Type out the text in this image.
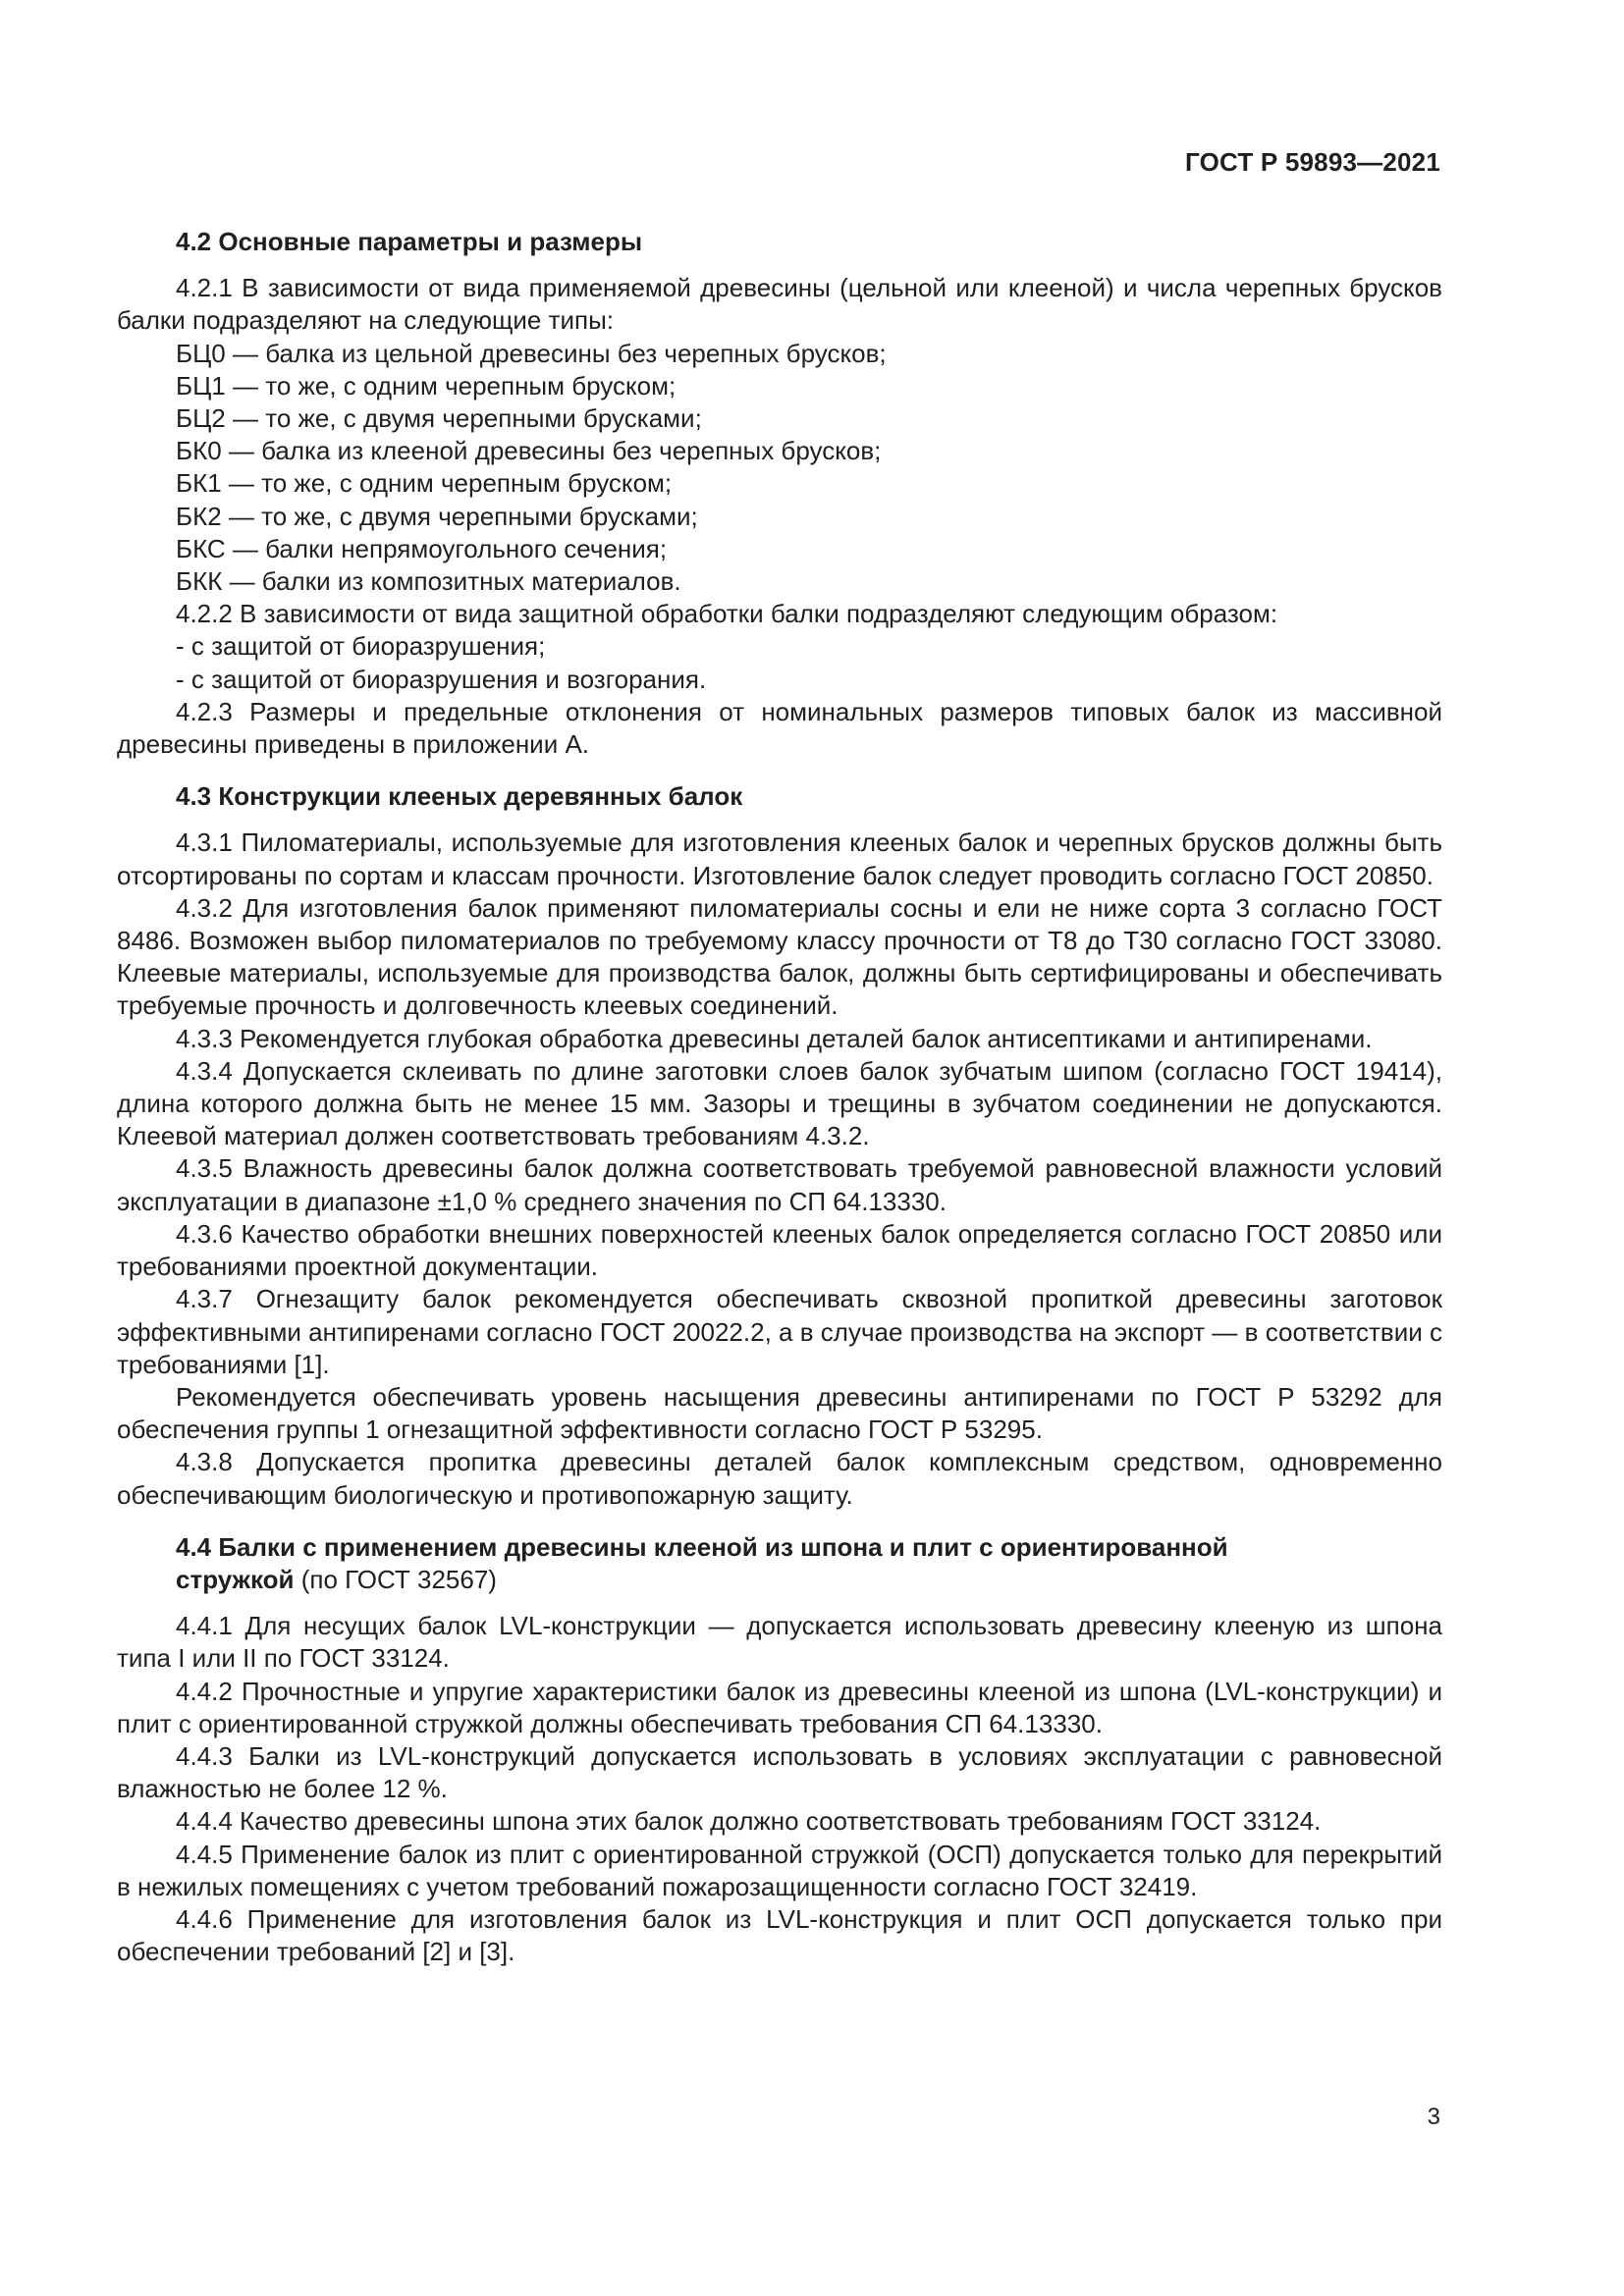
ГОСТ Р 59893—2021

4.2 Основные параметры и размеры

4.2.1 В зависимости от вида применяемой древесины (цельной или клееной) и числа черепных брусков балки подразделяют на следующие типы:

БЦ0 — балка из цельной древесины без черепных брусков;

БЦ1 — то же, с одним черепным бруском;

БЦ2 — то же, с двумя черепными брусками;

БК0 — балка из клееной древесины без черепных брусков;

БК1 — то же, с одним черепным бруском;

БК2 — то же, с двумя черепными брусками;

БКС — балки непрямоугольного сечения;

БКК — балки из композитных материалов.

4.2.2 В зависимости от вида защитной обработки балки подразделяют следующим образом:

- с защитой от биоразрушения;

- с защитой от биоразрушения и возгорания.

4.2.3 Размеры и предельные отклонения от номинальных размеров типовых балок из массивной древесины приведены в приложении А.

4.3 Конструкции клееных деревянных балок

4.3.1 Пиломатериалы, используемые для изготовления клееных балок и черепных брусков должны быть отсортированы по сортам и классам прочности. Изготовление балок следует проводить согласно ГОСТ 20850.

4.3.2 Для изготовления балок применяют пиломатериалы сосны и ели не ниже сорта 3 согласно ГОСТ 8486. Возможен выбор пиломатериалов по требуемому классу прочности от Т8 до Т30 согласно ГОСТ 33080. Клеевые материалы, используемые для производства балок, должны быть сертифицированы и обеспечивать требуемые прочность и долговечность клеевых соединений.

4.3.3 Рекомендуется глубокая обработка древесины деталей балок антисептиками и антипиренами.

4.3.4 Допускается склеивать по длине заготовки слоев балок зубчатым шипом (согласно ГОСТ 19414), длина которого должна быть не менее 15 мм. Зазоры и трещины в зубчатом соединении не допускаются. Клеевой материал должен соответствовать требованиям 4.3.2.

4.3.5 Влажность древесины балок должна соответствовать требуемой равновесной влажности условий эксплуатации в диапазоне ±1,0 % среднего значения по СП 64.13330.

4.3.6 Качество обработки внешних поверхностей клееных балок определяется согласно ГОСТ 20850 или требованиями проектной документации.

4.3.7 Огнезащиту балок рекомендуется обеспечивать сквозной пропиткой древесины заготовок эффективными антипиренами согласно ГОСТ 20022.2, а в случае производства на экспорт — в соответствии с требованиями [1].

Рекомендуется обеспечивать уровень насыщения древесины антипиренами по ГОСТ Р 53292 для обеспечения группы 1 огнезащитной эффективности согласно ГОСТ Р 53295.

4.3.8 Допускается пропитка древесины деталей балок комплексным средством, одновременно обеспечивающим биологическую и противопожарную защиту.

4.4 Балки с применением древесины клееной из шпона и плит с ориентированной

стружкой (по ГОСТ 32567)

4.4.1 Для несущих балок LVL-конструкции — допускается использовать древесину клееную из шпона типа I или II по ГОСТ 33124.

4.4.2 Прочностные и упругие характеристики балок из древесины клееной из шпона (LVL-конструкции) и плит с ориентированной стружкой должны обеспечивать требования СП 64.13330.

4.4.3 Балки из LVL-конструкций допускается использовать в условиях эксплуатации с равновесной влажностью не более 12 %.

4.4.4 Качество древесины шпона этих балок должно соответствовать требованиям ГОСТ 33124.

4.4.5 Применение балок из плит с ориентированной стружкой (ОСП) допускается только для перекрытий в нежилых помещениях с учетом требований пожарозащищенности согласно ГОСТ 32419.

4.4.6 Применение для изготовления балок из LVL-конструкция и плит ОСП допускается только при обеспечении требований [2] и [3].

3
